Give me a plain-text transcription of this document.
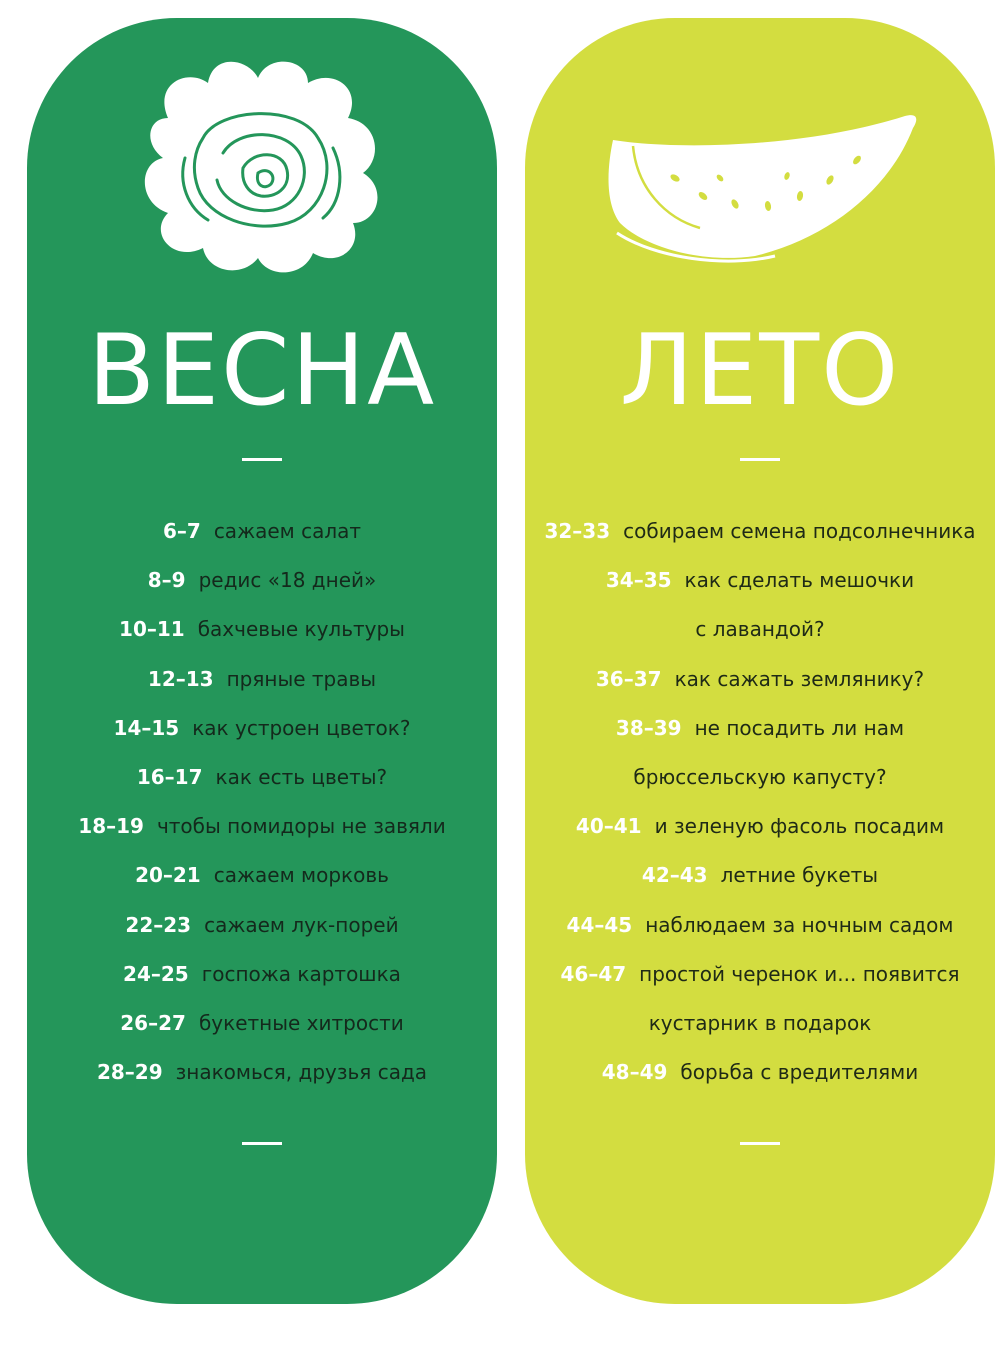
ВЕСНА
6–7 сажаем салат
8–9 редис «18 дней»
10–11 бахчевые культуры
12–13 пряные травы
14–15 как устроен цветок?
16–17 как есть цветы?
18–19 чтобы помидоры не завяли
20–21 сажаем морковь
22–23 сажаем лук-порей
24–25 госпожа картошка
26–27 букетные хитрости
28–29 знакомься, друзья сада
ЛЕТО
32–33 собираем семена подсолнечника
34–35 как сделать мешочки
с лавандой?
36–37 как сажать землянику?
38–39 не посадить ли нам
брюссельскую капусту?
40–41 и зеленую фасоль посадим
42–43 летние букеты
44–45 наблюдаем за ночным садом
46–47 простой черенок и... появится
кустарник в подарок
48–49 борьба с вредителями
